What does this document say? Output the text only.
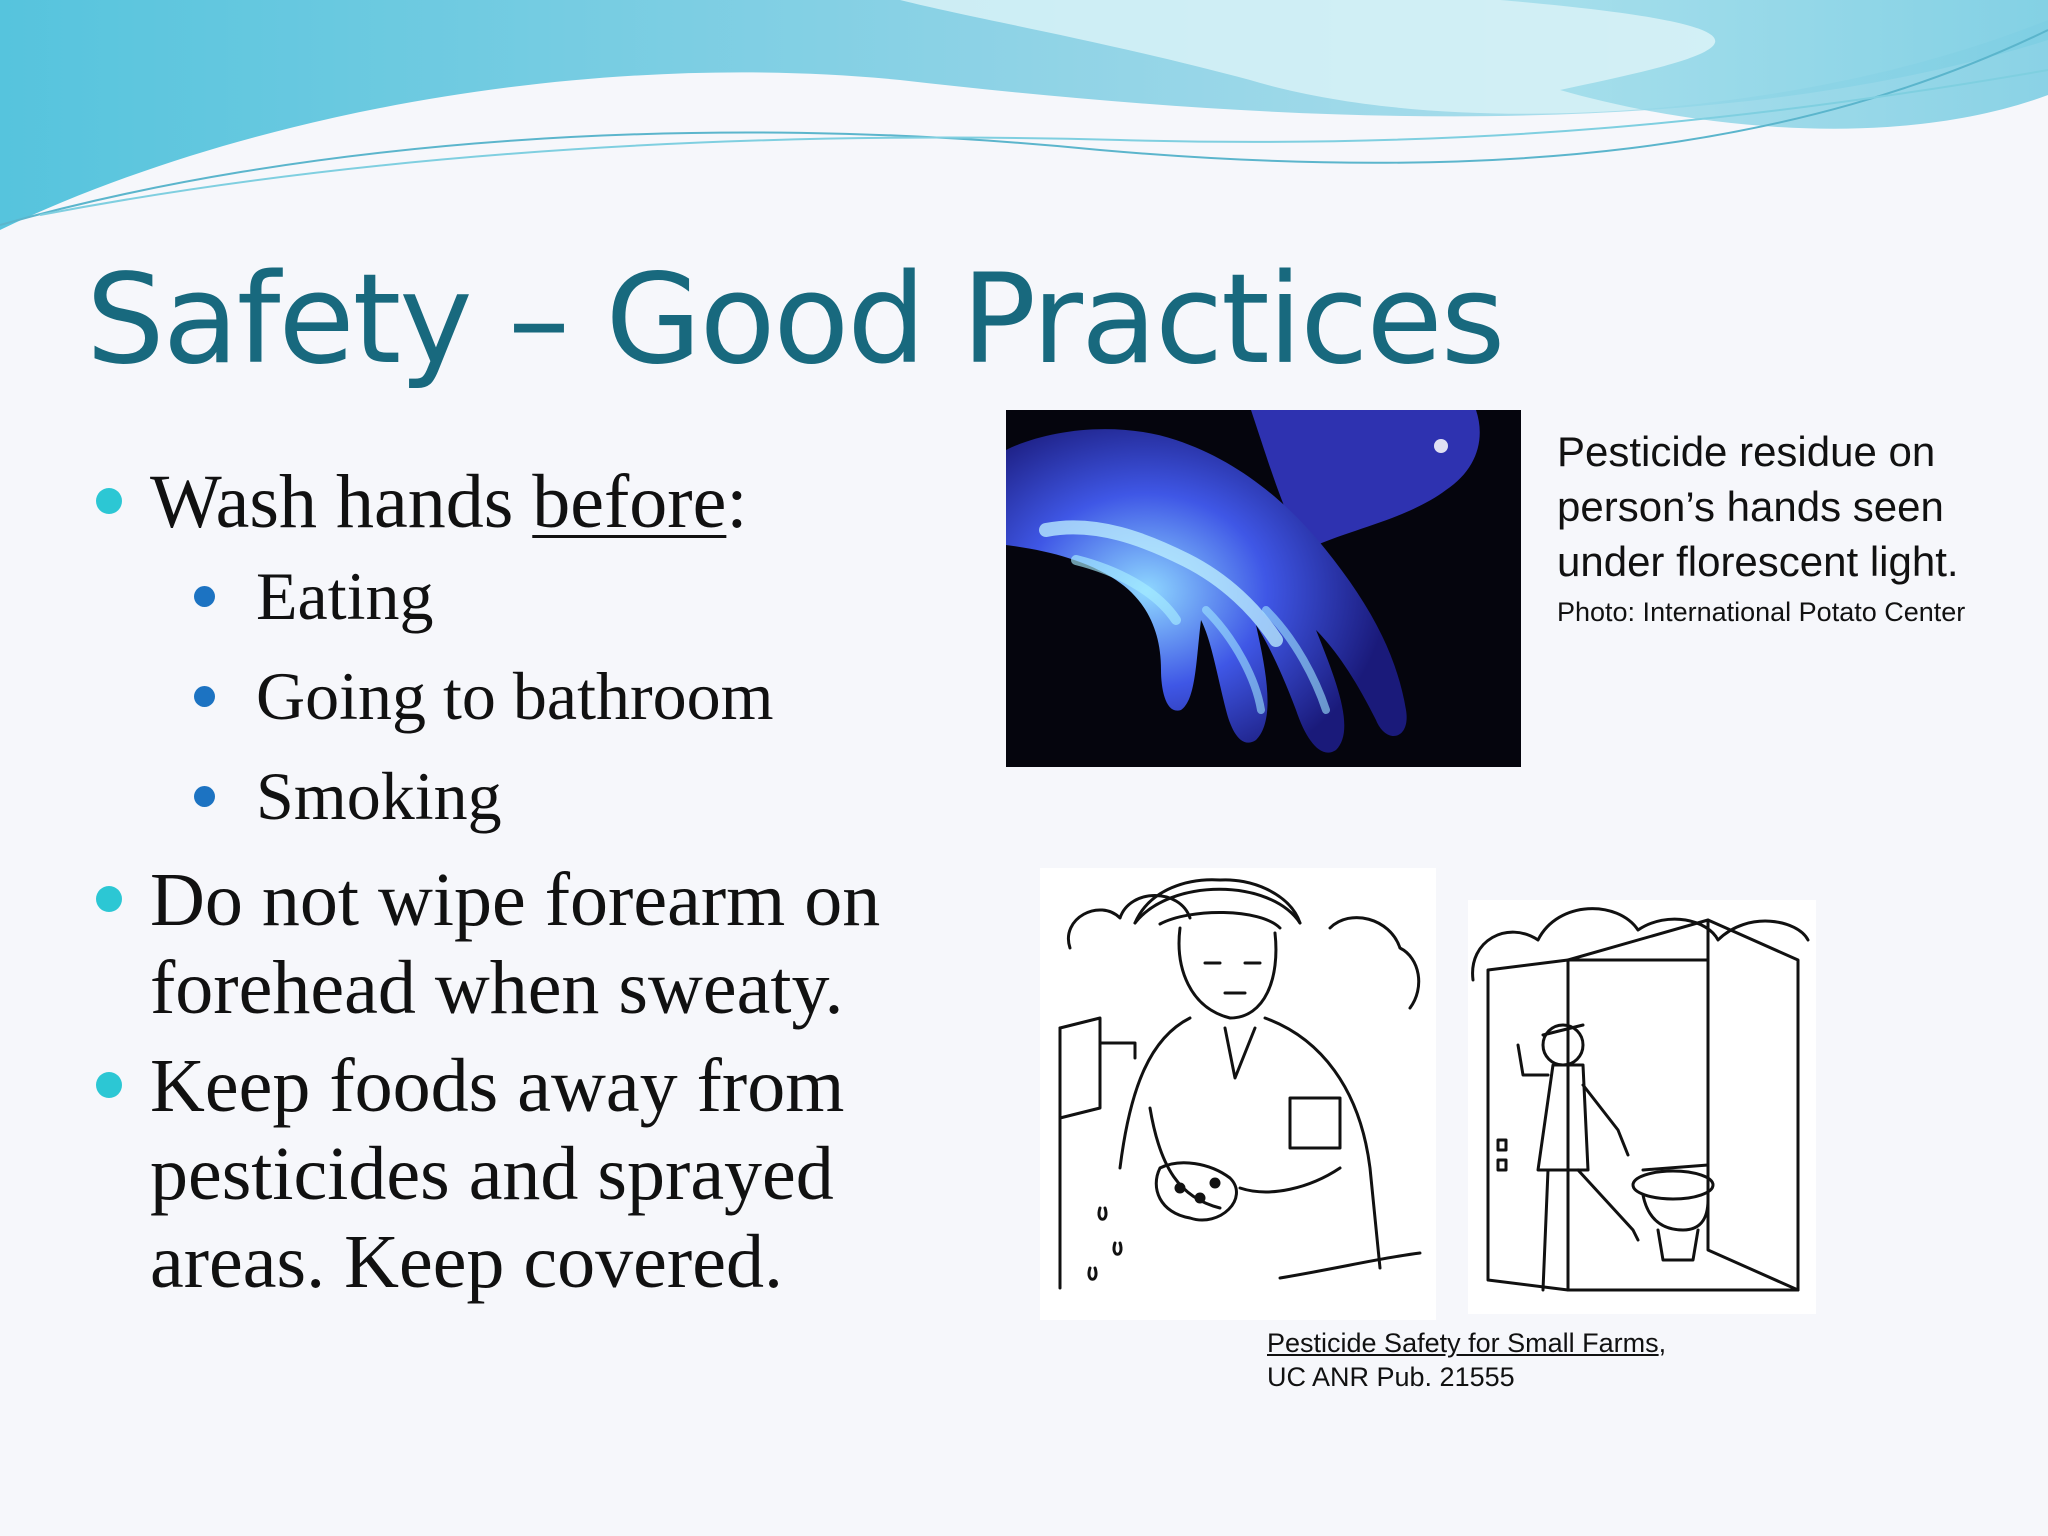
Safety – Good Practices
Wash hands before:
Eating
Going to bathroom
Smoking
Do not wipe forearm on forehead when sweaty.
Keep foods away from pesticides and sprayed areas. Keep covered.
Pesticide residue on person’s hands seen under florescent light.
Photo: International Potato Center
Pesticide Safety for Small Farms,
UC ANR Pub. 21555
